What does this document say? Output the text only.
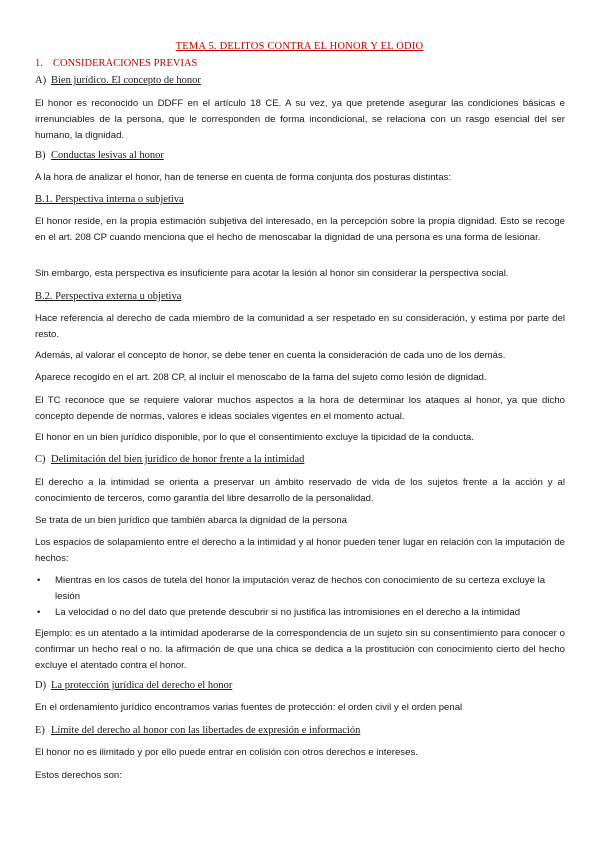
TEMA 5. DELITOS CONTRA EL HONOR Y EL ODIO

1. CONSIDERACIONES PREVIAS

A) Bien jurídico. El concepto de honor

El honor es reconocido un DDFF en el artículo 18 CE. A su vez, ya que pretende asegurar las condiciones básicas e irrenunciables de la persona, que le corresponden de forma incondicional, se relaciona con un rasgo esencial del ser humano, la dignidad.

B) Conductas lesivas al honor

A la hora de analizar el honor, han de tenerse en cuenta de forma conjunta dos posturas distintas:

B.1. Perspectiva interna o subjetiva

El honor reside, en la propia estimación subjetiva del interesado, en la percepción sobre la propia dignidad. Esto se recoge en el art. 208 CP cuando menciona que el hecho de menoscabar la dignidad de una persona es una forma de lesionar.

Sin embargo, esta perspectiva es insuficiente para acotar la lesión al honor sin considerar la perspectiva social.

B.2. Perspectiva externa u objetiva

Hace referencia al derecho de cada miembro de la comunidad a ser respetado en su consideración, y estima por parte del resto.

Además, al valorar el concepto de honor, se debe tener en cuenta la consideración de cada uno de los demás.

Aparece recogido en el art. 208 CP, al incluir el menoscabo de la fama del sujeto como lesión de dignidad.

El TC reconoce que se requiere valorar muchos aspectos a la hora de determinar los ataques al honor, ya que dicho concepto depende de normas, valores e ideas sociales vigentes en el momento actual.

El honor en un bien jurídico disponible, por lo que el consentimiento excluye la tipicidad de la conducta.

C) Delimitación del bien jurídico de honor frente a la intimidad

El derecho a la intimidad se orienta a preservar un ámbito reservado de vida de los sujetos frente a la acción y al conocimiento de terceros, como garantía del libre desarrollo de la personalidad.

Se trata de un bien jurídico que también abarca la dignidad de la persona

Los espacios de solapamiento entre el derecho a la intimidad y al honor pueden tener lugar en relación con la imputación de hechos:

• Mientras en los casos de tutela del honor la imputación veraz de hechos con conocimiento de su certeza excluye la lesión
• La velocidad o no del dato que pretende descubrir si no justifica las intromisiones en el derecho a la intimidad

Ejemplo: es un atentado a la intimidad apoderarse de la correspondencia de un sujeto sin su consentimiento para conocer o confirmar un hecho real o no. la afirmación de que una chica se dedica a la prostitución con conocimiento cierto del hecho excluye el atentado contra el honor.

D) La protección jurídica del derecho el honor

En el ordenamiento jurídico encontramos varias fuentes de protección: el orden civil y el orden penal

E) Límite del derecho al honor con las libertades de expresión e información

El honor no es ilimitado y por ello puede entrar en colisión con otros derechos e intereses.

Estos derechos son:
